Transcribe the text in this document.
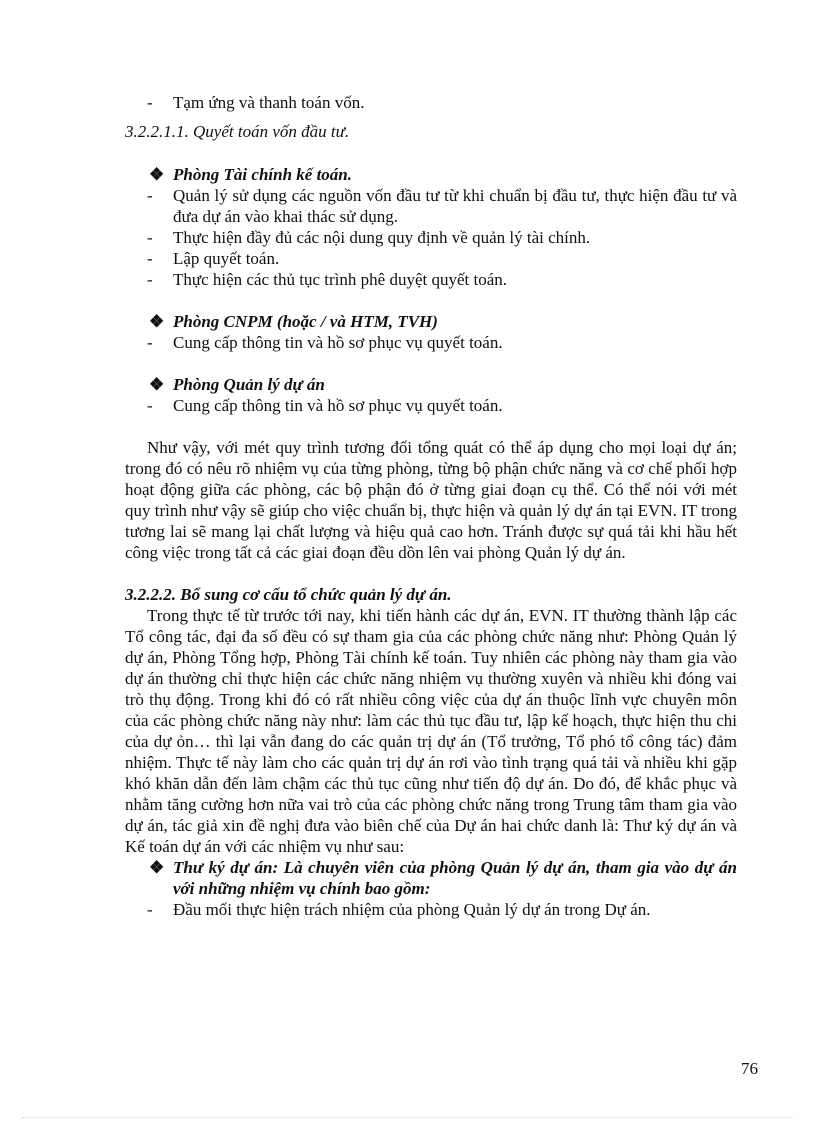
- Tạm ứng và thanh toán vốn.
3.2.2.1.1. Quyết toán vốn đầu tư.
❖ Phòng Tài chính kế toán.
- Quản lý sử dụng các nguồn vốn đầu tư từ khi chuẩn bị đầu tư, thực hiện đầu tư và đưa dự án vào khai thác sử dụng.
- Thực hiện đầy đủ các nội dung quy định về quản lý tài chính.
- Lập quyết toán.
- Thực hiện các thủ tục trình phê duyệt quyết toán.
❖ Phòng CNPM (hoặc / và HTM, TVH)
- Cung cấp thông tin và hồ sơ phục vụ quyết toán.
❖ Phòng Quản lý dự án
- Cung cấp thông tin và hồ sơ phục vụ quyết toán.

Như vậy, với mét quy trình tương đối tổng quát có thể áp dụng cho mọi loại dự án; trong đó có nêu rõ nhiệm vụ của từng phòng, từng bộ phận chức năng và cơ chế phối hợp hoạt động giữa các phòng, các bộ phận đó ở từng giai đoạn cụ thể. Có thể nói với mét quy trình như vậy sẽ giúp cho việc chuẩn bị, thực hiện và quản lý dự án tại EVN. IT trong tương lai sẽ mang lại chất lượng và hiệu quả cao hơn. Tránh được sự quá tải khi hầu hết công việc trong tất cả các giai đoạn đều dồn lên vai phòng Quản lý dự án.

3.2.2.2. Bổ sung cơ cấu tổ chức quản lý dự án.

Trong thực tế từ trước tới nay, khi tiến hành các dự án, EVN. IT thường thành lập các Tổ công tác, đại đa số đều có sự tham gia của các phòng chức năng như: Phòng Quản lý dự án, Phòng Tổng hợp, Phòng Tài chính kế toán. Tuy nhiên các phòng này tham gia vào dự án thường chỉ thực hiện các chức năng nhiệm vụ thường xuyên và nhiều khi đóng vai trò thụ động. Trong khi đó có rất nhiều công việc của dự án thuộc lĩnh vực chuyên môn của các phòng chức năng này như: làm các thủ tục đầu tư, lập kế hoạch, thực hiện thu chi của dự ỏn… thì lại vẫn đang do các quản trị dự án (Tổ trưởng, Tổ phó tổ công tác) đảm nhiệm. Thực tế này làm cho các quản trị dự án rơi vào tình trạng quá tải và nhiều khi gặp khó khăn dẫn đến làm chậm các thủ tục cũng như tiến độ dự án. Do đó, để khắc phục và nhằm tăng cường hơn nữa vai trò của các phòng chức năng trong Trung tâm tham gia vào dự án, tác giả xin đề nghị đưa vào biên chế của Dự án hai chức danh là: Thư ký dự án và Kế toán dự án với các nhiệm vụ như sau:

❖ Thư ký dự án: Là chuyên viên của phòng Quản lý dự án, tham gia vào dự án với những nhiệm vụ chính bao gồm:
- Đầu mối thực hiện trách nhiệm của phòng Quản lý dự án trong Dự án.
76
